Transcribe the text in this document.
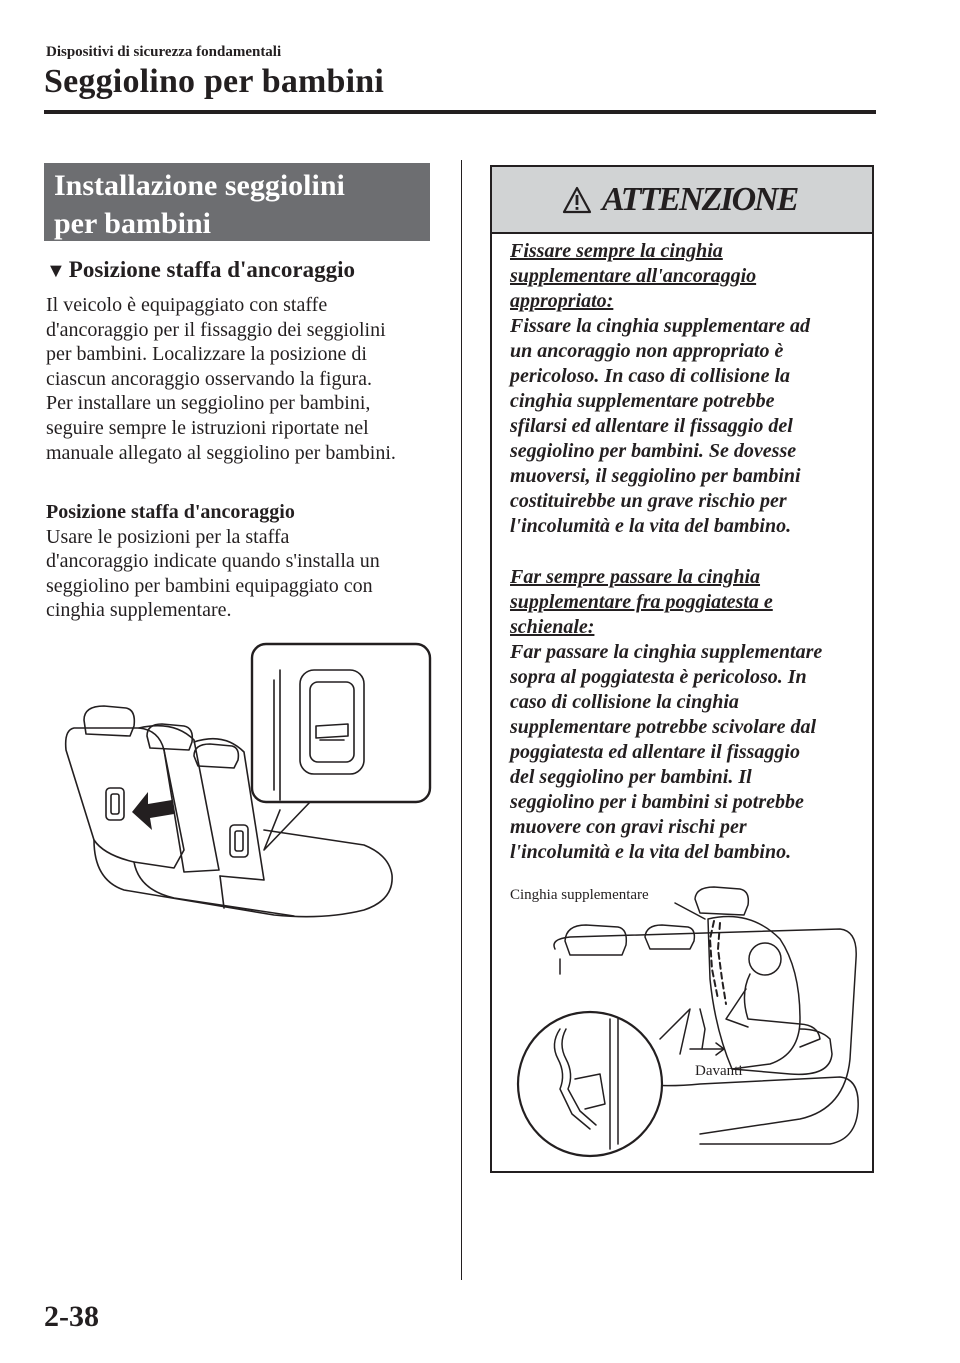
Dispositivi di sicurezza fondamentali
Seggiolino per bambini
Installazione seggiolini
per bambini
▼ Posizione staffa d'ancoraggio
Il veicolo è equipaggiato con staffe
d'ancoraggio per il fissaggio dei seggiolini
per bambini. Localizzare la posizione di
ciascun ancoraggio osservando la figura.
Per installare un seggiolino per bambini,
seguire sempre le istruzioni riportate nel
manuale allegato al seggiolino per bambini.
Posizione staffa d'ancoraggio
Usare le posizioni per la staffa
d'ancoraggio indicate quando s'installa un
seggiolino per bambini equipaggiato con
cinghia supplementare.
ATTENZIONE
Fissare sempre la cinghia
supplementare all'ancoraggio
appropriato:
Fissare la cinghia supplementare ad
un ancoraggio non appropriato è
pericoloso. In caso di collisione la
cinghia supplementare potrebbe
sfilarsi ed allentare il fissaggio del
seggiolino per bambini. Se dovesse
muoversi, il seggiolino per bambini
costituirebbe un grave rischio per
l'incolumità e la vita del bambino.
Far sempre passare la cinghia
supplementare fra poggiatesta e
schienale:
Far passare la cinghia supplementare
sopra al poggiatesta è pericoloso. In
caso di collisione la cinghia
supplementare potrebbe scivolare dal
poggiatesta ed allentare il fissaggio
del seggiolino per bambini. Il
seggiolino per i bambini si potrebbe
muovere con gravi rischi per
l'incolumità e la vita del bambino.
Cinghia supplementare
Davanti
2-38
